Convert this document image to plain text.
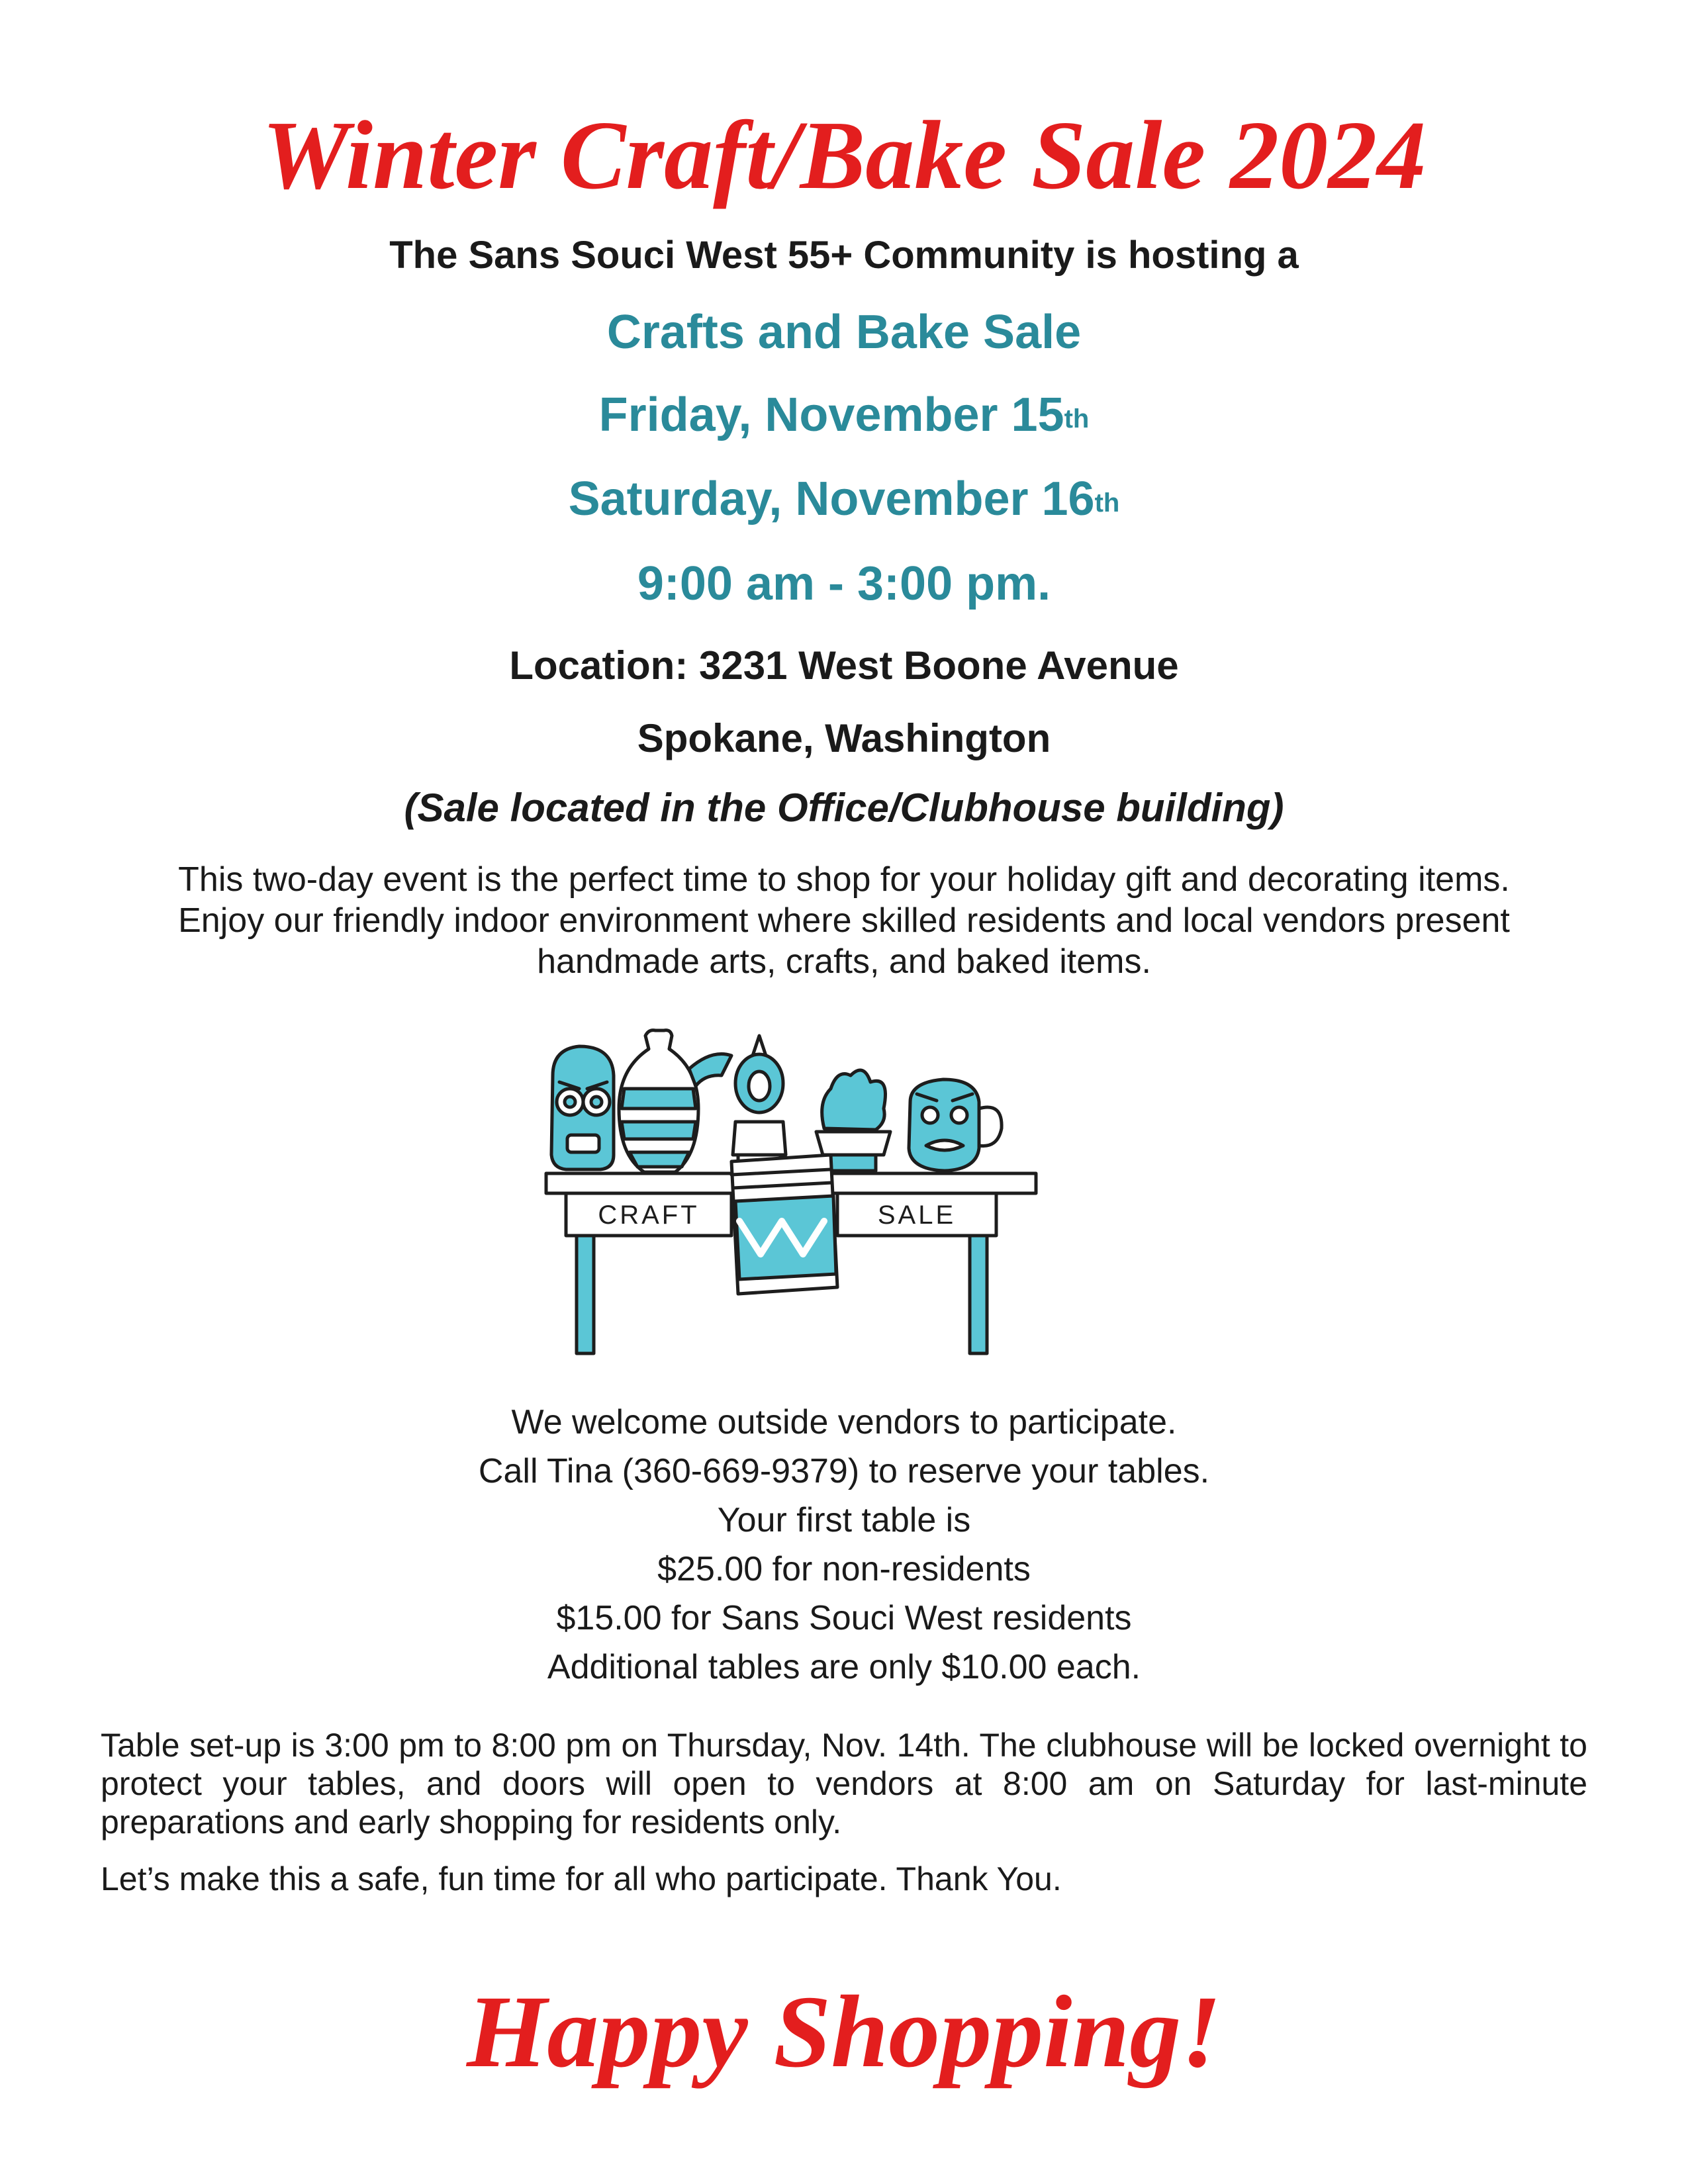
Winter Craft/Bake Sale 2024
The Sans Souci West 55+ Community is hosting a
Crafts and Bake Sale
Friday, November 15th
Saturday, November 16th
9:00 am - 3:00 pm.
Location: 3231 West Boone Avenue
Spokane, Washington
(Sale located in the Office/Clubhouse building)
This two-day event is the perfect time to shop for your holiday gift and decorating items. Enjoy our friendly indoor environment where skilled residents and local vendors present handmade arts, crafts, and baked items.
CRAFT	SALE
We welcome outside vendors to participate.
Call Tina (360-669-9379) to reserve your tables.
Your first table is
$25.00 for non-residents
$15.00 for Sans Souci West residents
Additional tables are only $10.00 each.
Table set-up is 3:00 pm to 8:00 pm on Thursday, Nov. 14th. The clubhouse will be locked overnight to protect your tables, and doors will open to vendors at 8:00 am on Saturday for last-minute preparations and early shopping for residents only.
Let’s make this a safe, fun time for all who participate. Thank You.
Happy Shopping!
